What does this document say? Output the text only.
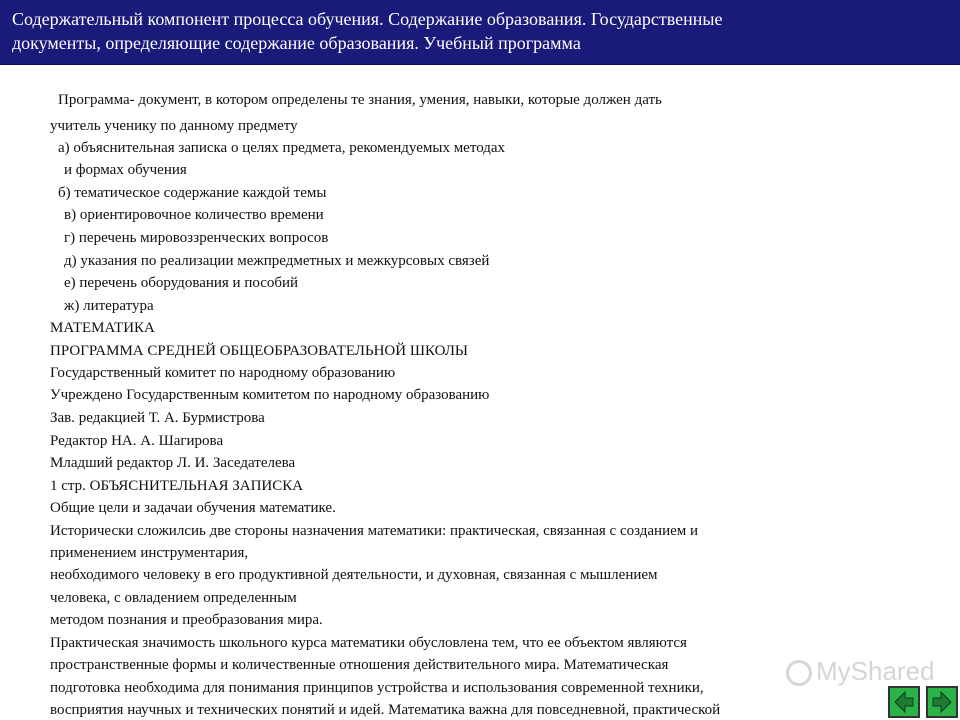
Содержательный компонент процесса обучения. Содержание образования. Государственные
документы, определяющие содержание образования. Учебный программа
Программа- документ, в котором определены те знания, умения, навыки, которые должен дать
учитель ученику по данному предмету
а) объяснительная записка о целях предмета, рекомендуемых методах
и формах обучения
б) тематическое содержание каждой темы
в) ориентировочное количество времени
г) перечень мировоззренческих вопросов
д) указания по реализации межпредметных и межкурсовых связей
е) перечень оборудования и пособий
ж) литература
МАТЕМАТИКА
ПРОГРАММА СРЕДНЕЙ ОБЩЕОБРАЗОВАТЕЛЬНОЙ ШКОЛЫ
Государственный комитет по народному образованию
Учреждено Государственным комитетом по народному образованию
Зав. редакцией Т. А. Бурмистрова
Редактор НА. А. Шагирова
Младший редактор Л. И. Заседателева
1 стр. ОБЪЯСНИТЕЛЬНАЯ ЗАПИСКА
Общие цели и задачаи обучения математике.
Исторически сложилсиь две стороны назначения математики: практическая, связанная с созданием и
применением инструментария,
необходимого человеку в его продуктивной деятельности, и духовная, связанная с мышлением
человека, с овладением определенным
методом познания и преобразования мира.
Практическая значимость школьного курса математики обусловлена тем, что ее объектом являются
пространственные формы и количественные отношения действительного мира. Математическая
подготовка необходима для понимания принципов устройства и использования современной техники,
восприятия научных и технических понятий и идей. Математика важна для повседневной, практической
MyShared
